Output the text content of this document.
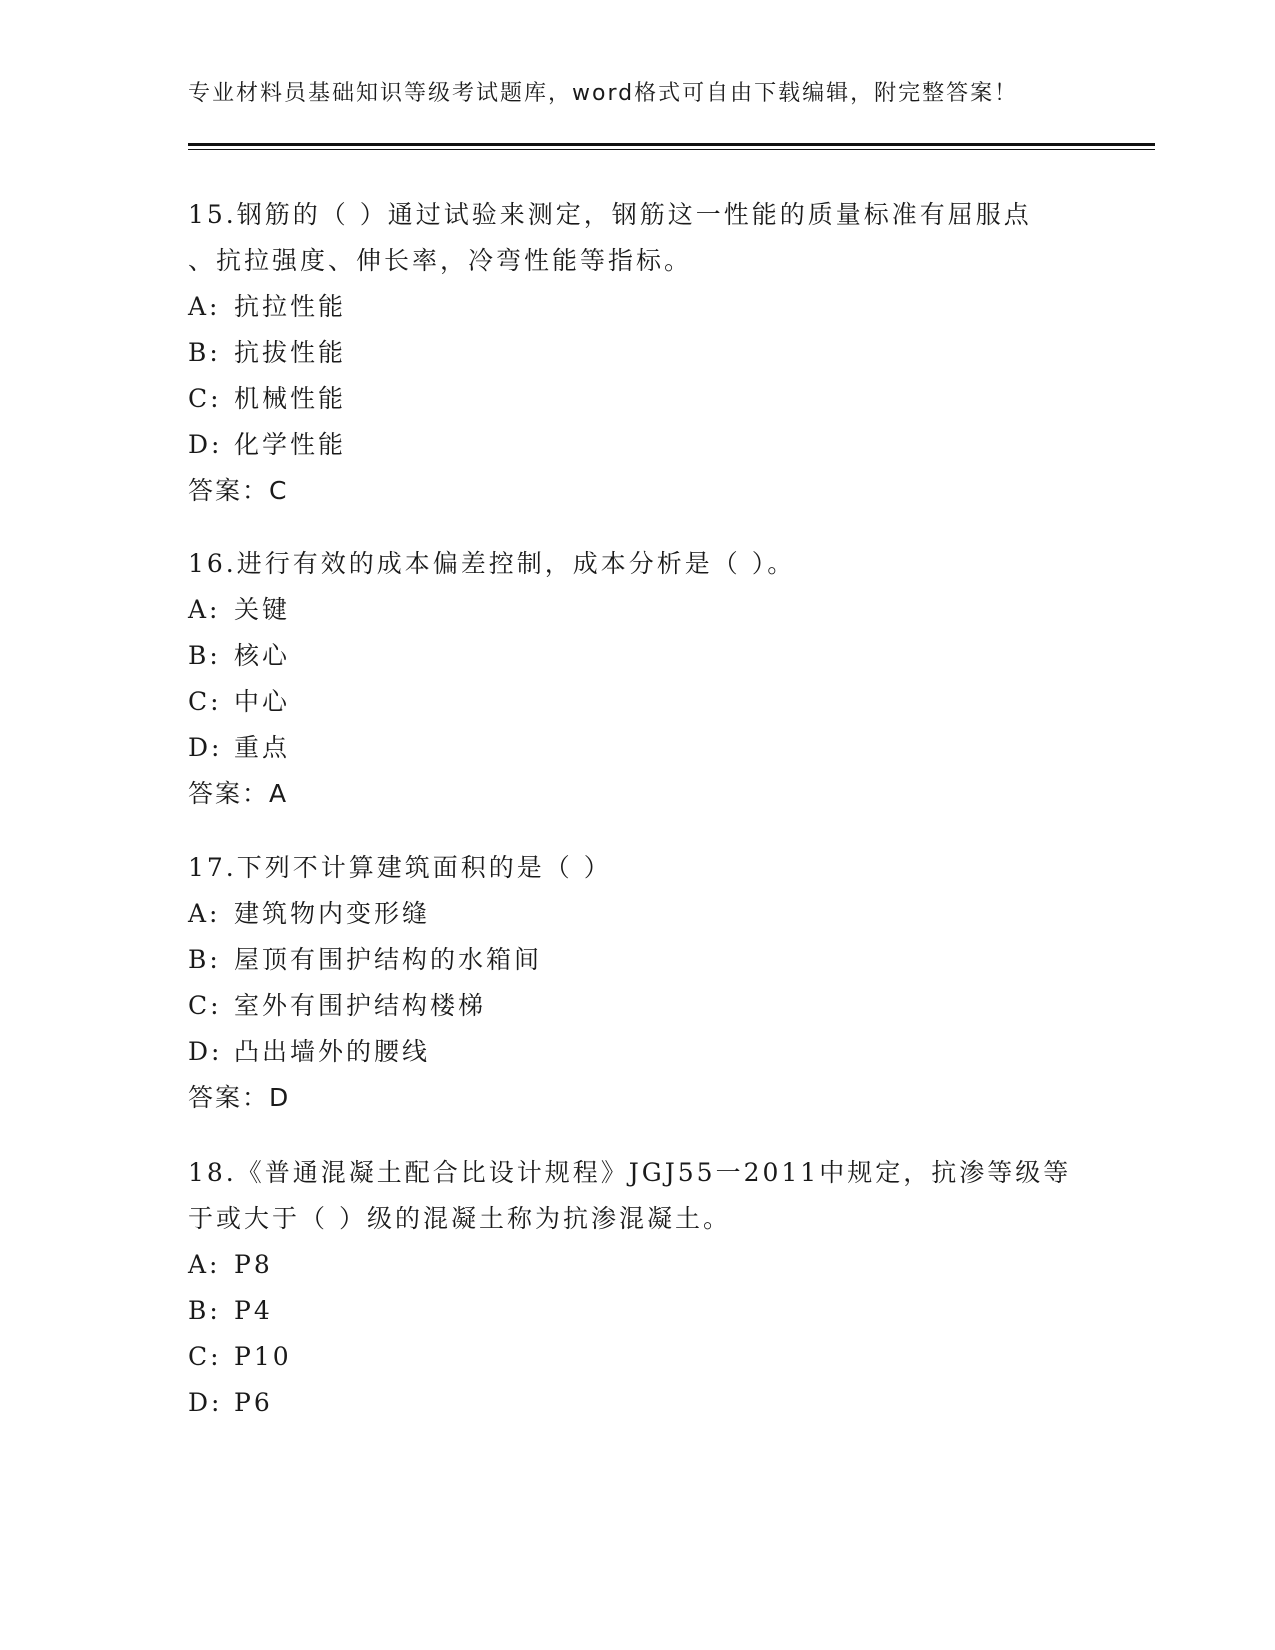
专业材料员基础知识等级考试题库，word格式可自由下载编辑，附完整答案！
15.钢筋的（ ）通过试验来测定，钢筋这一性能的质量标准有屈服点
、抗拉强度、伸长率，冷弯性能等指标。
A: 抗拉性能
B: 抗拔性能
C: 机械性能
D: 化学性能
答案：C
16.进行有效的成本偏差控制，成本分析是（ ）。
A: 关键
B: 核心
C: 中心
D: 重点
答案：A
17.下列不计算建筑面积的是（ ）
A: 建筑物内变形缝
B: 屋顶有围护结构的水箱间
C: 室外有围护结构楼梯
D: 凸出墙外的腰线
答案：D
18.《普通混凝土配合比设计规程》JGJ55一2011中规定，抗渗等级等
于或大于（ ）级的混凝土称为抗渗混凝土。
A: P8
B: P4
C: P10
D: P6
